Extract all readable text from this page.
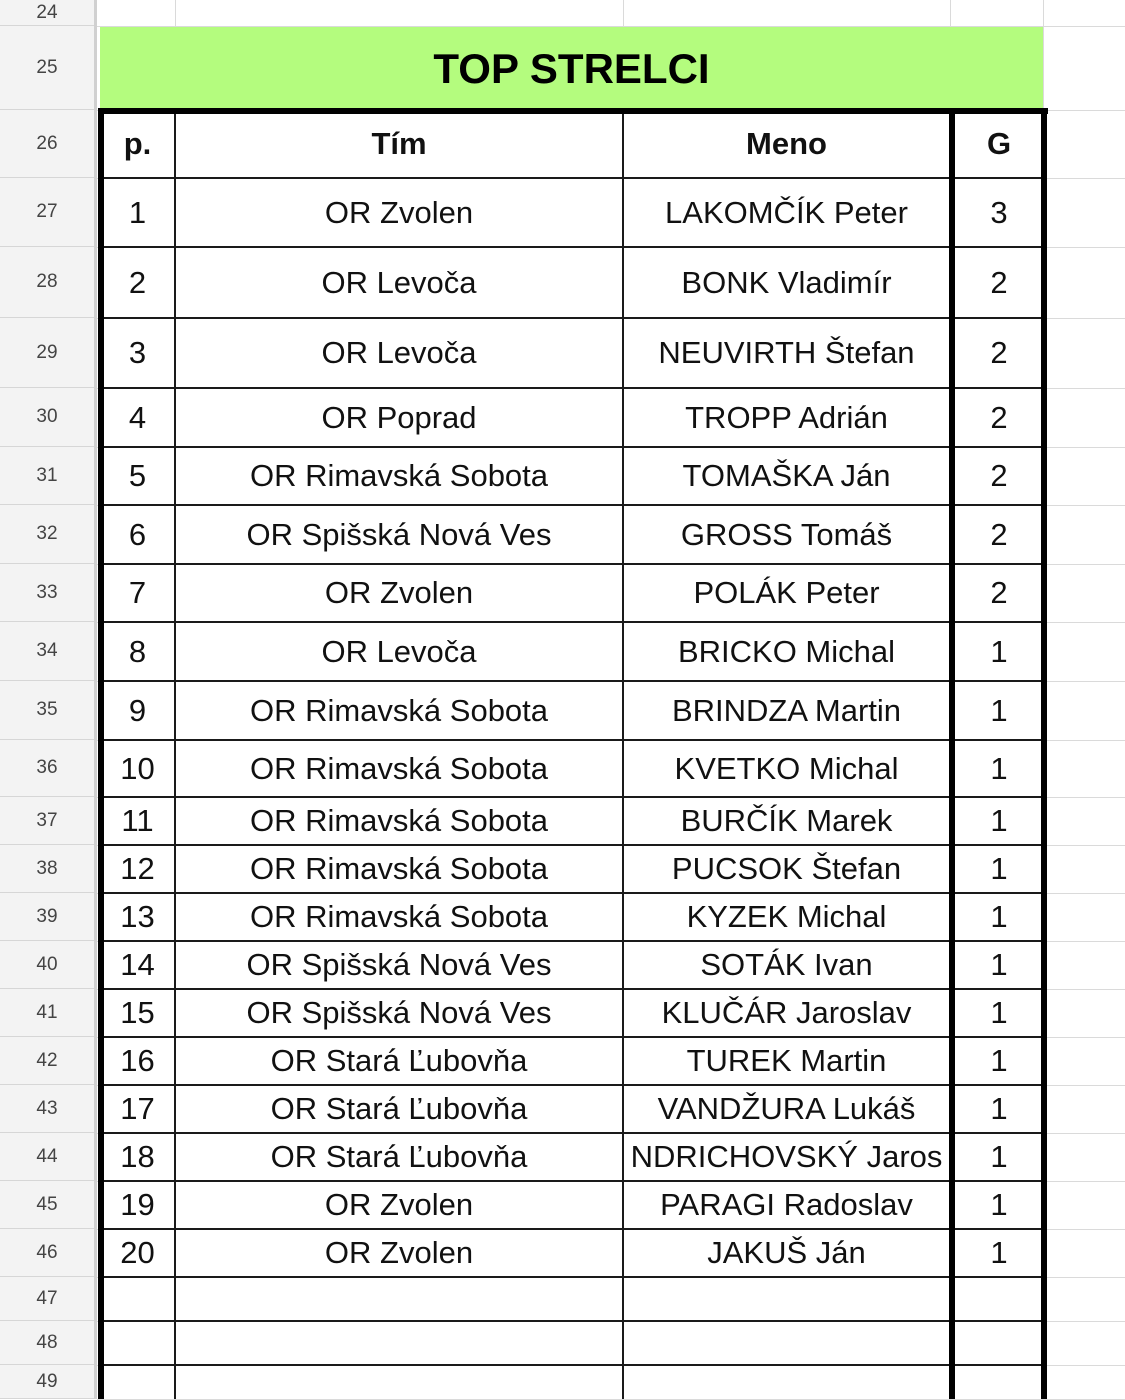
24
25
26
27
28
29
30
31
32
33
34
35
36
37
38
39
40
41
42
43
44
45
46
47
48
49
TOP STRELCI
p.	Tím	Meno	G
1	OR Zvolen	LAKOMČÍK Peter	3
2	OR Levoča	BONK Vladimír	2
3	OR Levoča	NEUVIRTH Štefan	2
4	OR Poprad	TROPP Adrián	2
5	OR Rimavská Sobota	TOMAŠKA Ján	2
6	OR Spišská Nová Ves	GROSS Tomáš	2
7	OR Zvolen	POLÁK Peter	2
8	OR Levoča	BRICKO Michal	1
9	OR Rimavská Sobota	BRINDZA Martin	1
10	OR Rimavská Sobota	KVETKO Michal	1
11	OR Rimavská Sobota	BURČÍK Marek	1
12	OR Rimavská Sobota	PUCSOK Štefan	1
13	OR Rimavská Sobota	KYZEK Michal	1
14	OR Spišská Nová Ves	SOTÁK Ivan	1
15	OR Spišská Nová Ves	KLUČÁR Jaroslav	1
16	OR Stará Ľubovňa	TUREK Martin	1
17	OR Stará Ľubovňa	VANDŽURA Lukáš	1
18	OR Stará Ľubovňa	NDRICHOVSKÝ Jaros	1
19	OR Zvolen	PARAGI Radoslav	1
20	OR Zvolen	JAKUŠ Ján	1
